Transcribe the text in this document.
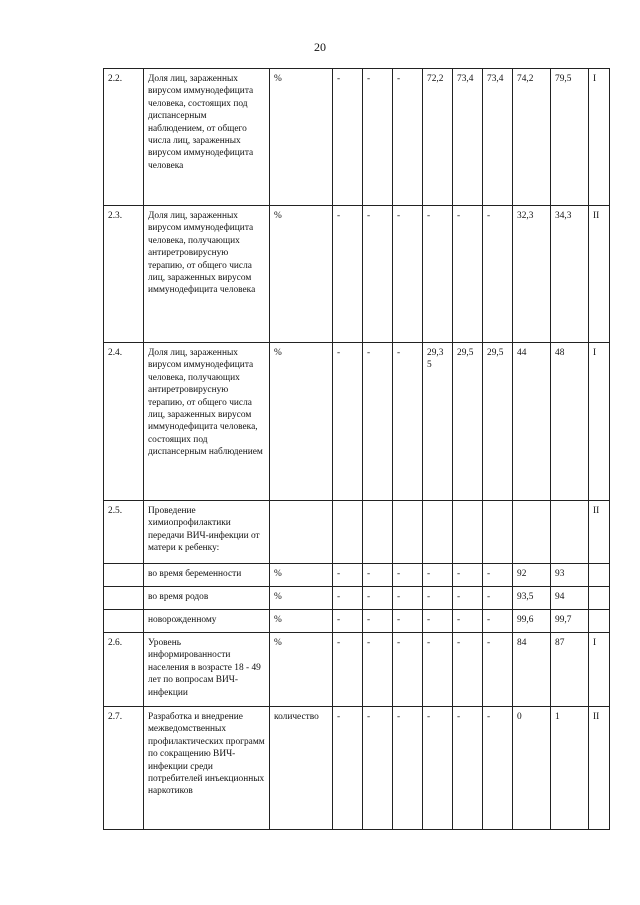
20
2.2.	Доля лиц, зараженных вирусом иммунодефицита человека, состоящих под диспансерным наблюдением, от общего числа лиц, зараженных вирусом иммунодефицита человека	%	-	-	-	72,2	73,4	73,4	74,2	79,5	I
2.3.	Доля лиц, зараженных вирусом иммунодефицита человека, получающих антиретровирусную терапию, от общего числа лиц, зараженных вирусом иммунодефицита человека	%	-	-	-	-	-	-	32,3	34,3	II
2.4.	Доля лиц, зараженных вирусом иммунодефицита человека, получающих антиретровирусную терапию, от общего числа лиц, зараженных вирусом иммунодефицита человека, состоящих под диспансерным наблюдением	%	-	-	-	29,35	29,5	29,5	44	48	I
2.5.	Проведение химиопрофилактики передачи ВИЧ-инфекции от матери к ребенку:										II
	во время беременности	%	-	-	-	-	-	-	92	93	
	во время родов	%	-	-	-	-	-	-	93,5	94	
	новорожденному	%	-	-	-	-	-	-	99,6	99,7	
2.6.	Уровень информированности населения в возрасте 18 - 49 лет по вопросам ВИЧ-инфекции	%	-	-	-	-	-	-	84	87	I
2.7.	Разработка и внедрение межведомственных профилактических программ по сокращению ВИЧ-инфекции среди потребителей инъекционных наркотиков	количество	-	-	-	-	-	-	0	1	II
